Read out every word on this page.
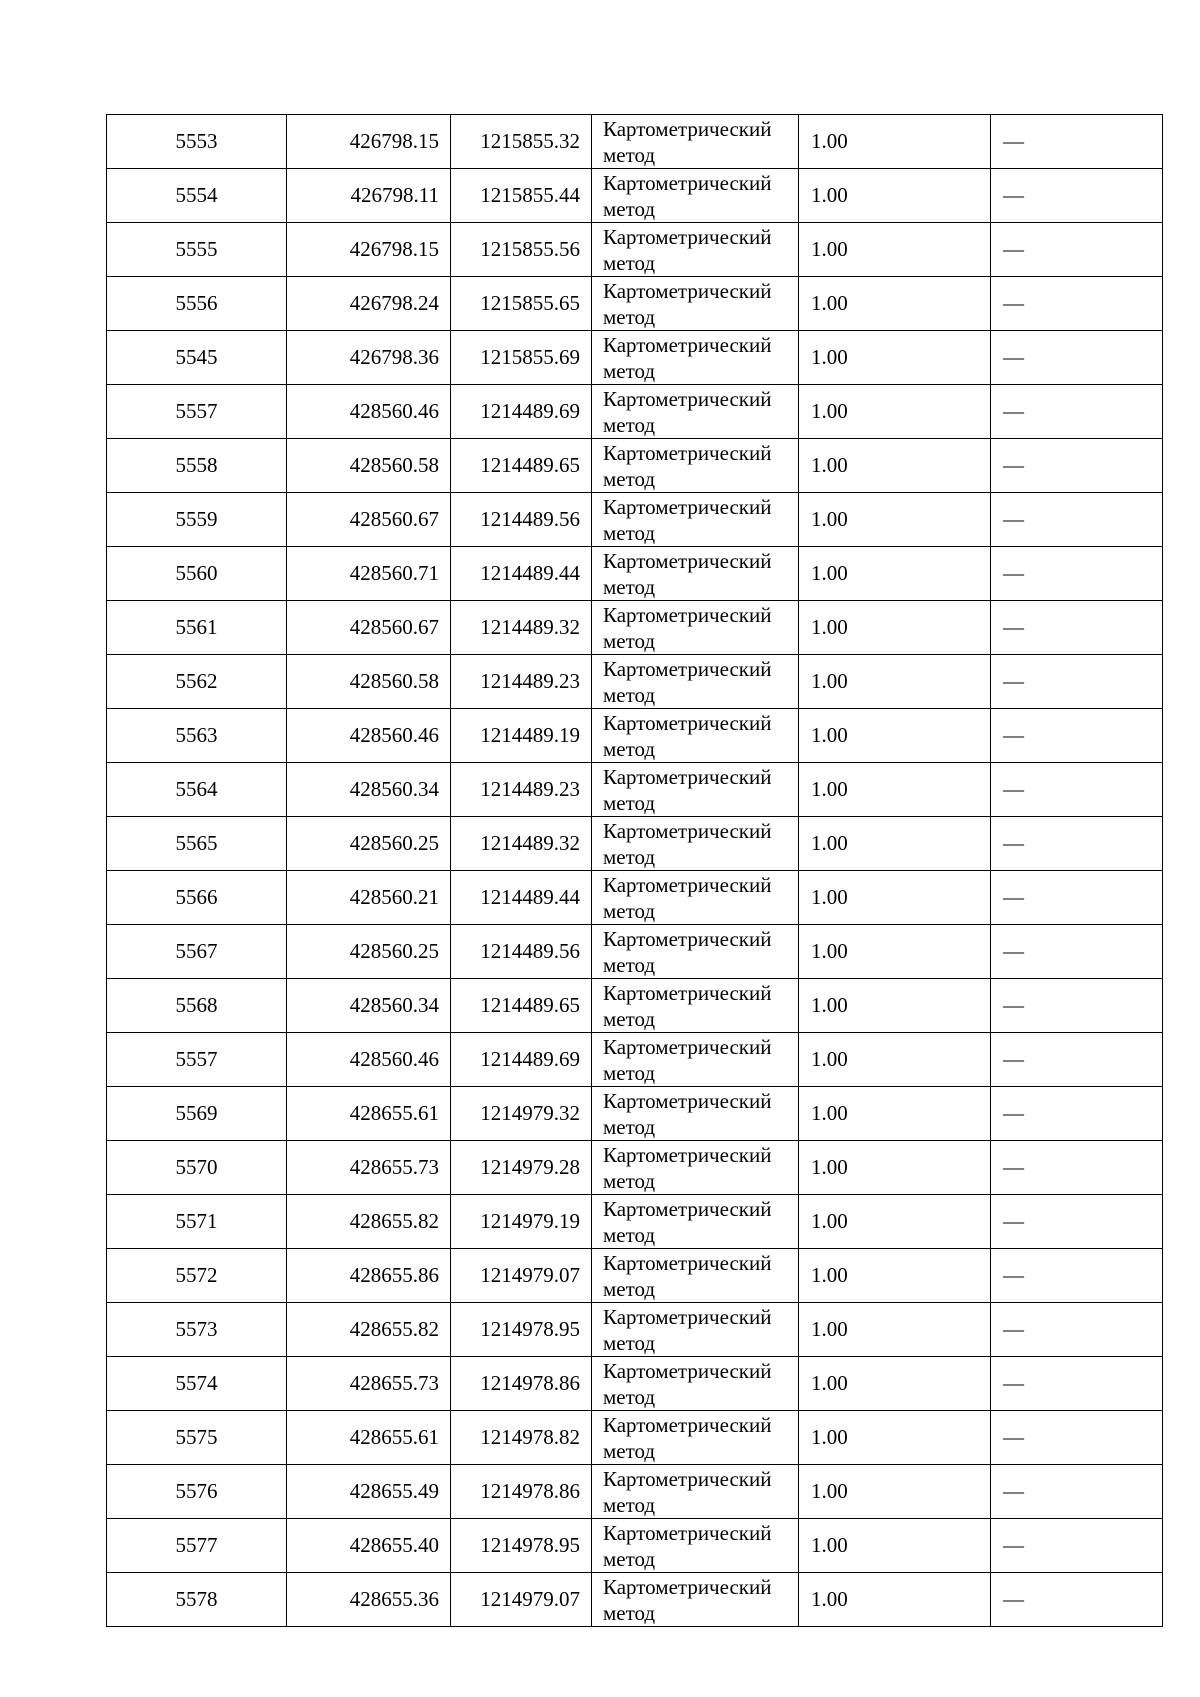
5553	426798.15	1215855.32	Картометрический метод	1.00	—
5554	426798.11	1215855.44	Картометрический метод	1.00	—
5555	426798.15	1215855.56	Картометрический метод	1.00	—
5556	426798.24	1215855.65	Картометрический метод	1.00	—
5545	426798.36	1215855.69	Картометрический метод	1.00	—
5557	428560.46	1214489.69	Картометрический метод	1.00	—
5558	428560.58	1214489.65	Картометрический метод	1.00	—
5559	428560.67	1214489.56	Картометрический метод	1.00	—
5560	428560.71	1214489.44	Картометрический метод	1.00	—
5561	428560.67	1214489.32	Картометрический метод	1.00	—
5562	428560.58	1214489.23	Картометрический метод	1.00	—
5563	428560.46	1214489.19	Картометрический метод	1.00	—
5564	428560.34	1214489.23	Картометрический метод	1.00	—
5565	428560.25	1214489.32	Картометрический метод	1.00	—
5566	428560.21	1214489.44	Картометрический метод	1.00	—
5567	428560.25	1214489.56	Картометрический метод	1.00	—
5568	428560.34	1214489.65	Картометрический метод	1.00	—
5557	428560.46	1214489.69	Картометрический метод	1.00	—
5569	428655.61	1214979.32	Картометрический метод	1.00	—
5570	428655.73	1214979.28	Картометрический метод	1.00	—
5571	428655.82	1214979.19	Картометрический метод	1.00	—
5572	428655.86	1214979.07	Картометрический метод	1.00	—
5573	428655.82	1214978.95	Картометрический метод	1.00	—
5574	428655.73	1214978.86	Картометрический метод	1.00	—
5575	428655.61	1214978.82	Картометрический метод	1.00	—
5576	428655.49	1214978.86	Картометрический метод	1.00	—
5577	428655.40	1214978.95	Картометрический метод	1.00	—
5578	428655.36	1214979.07	Картометрический метод	1.00	—
